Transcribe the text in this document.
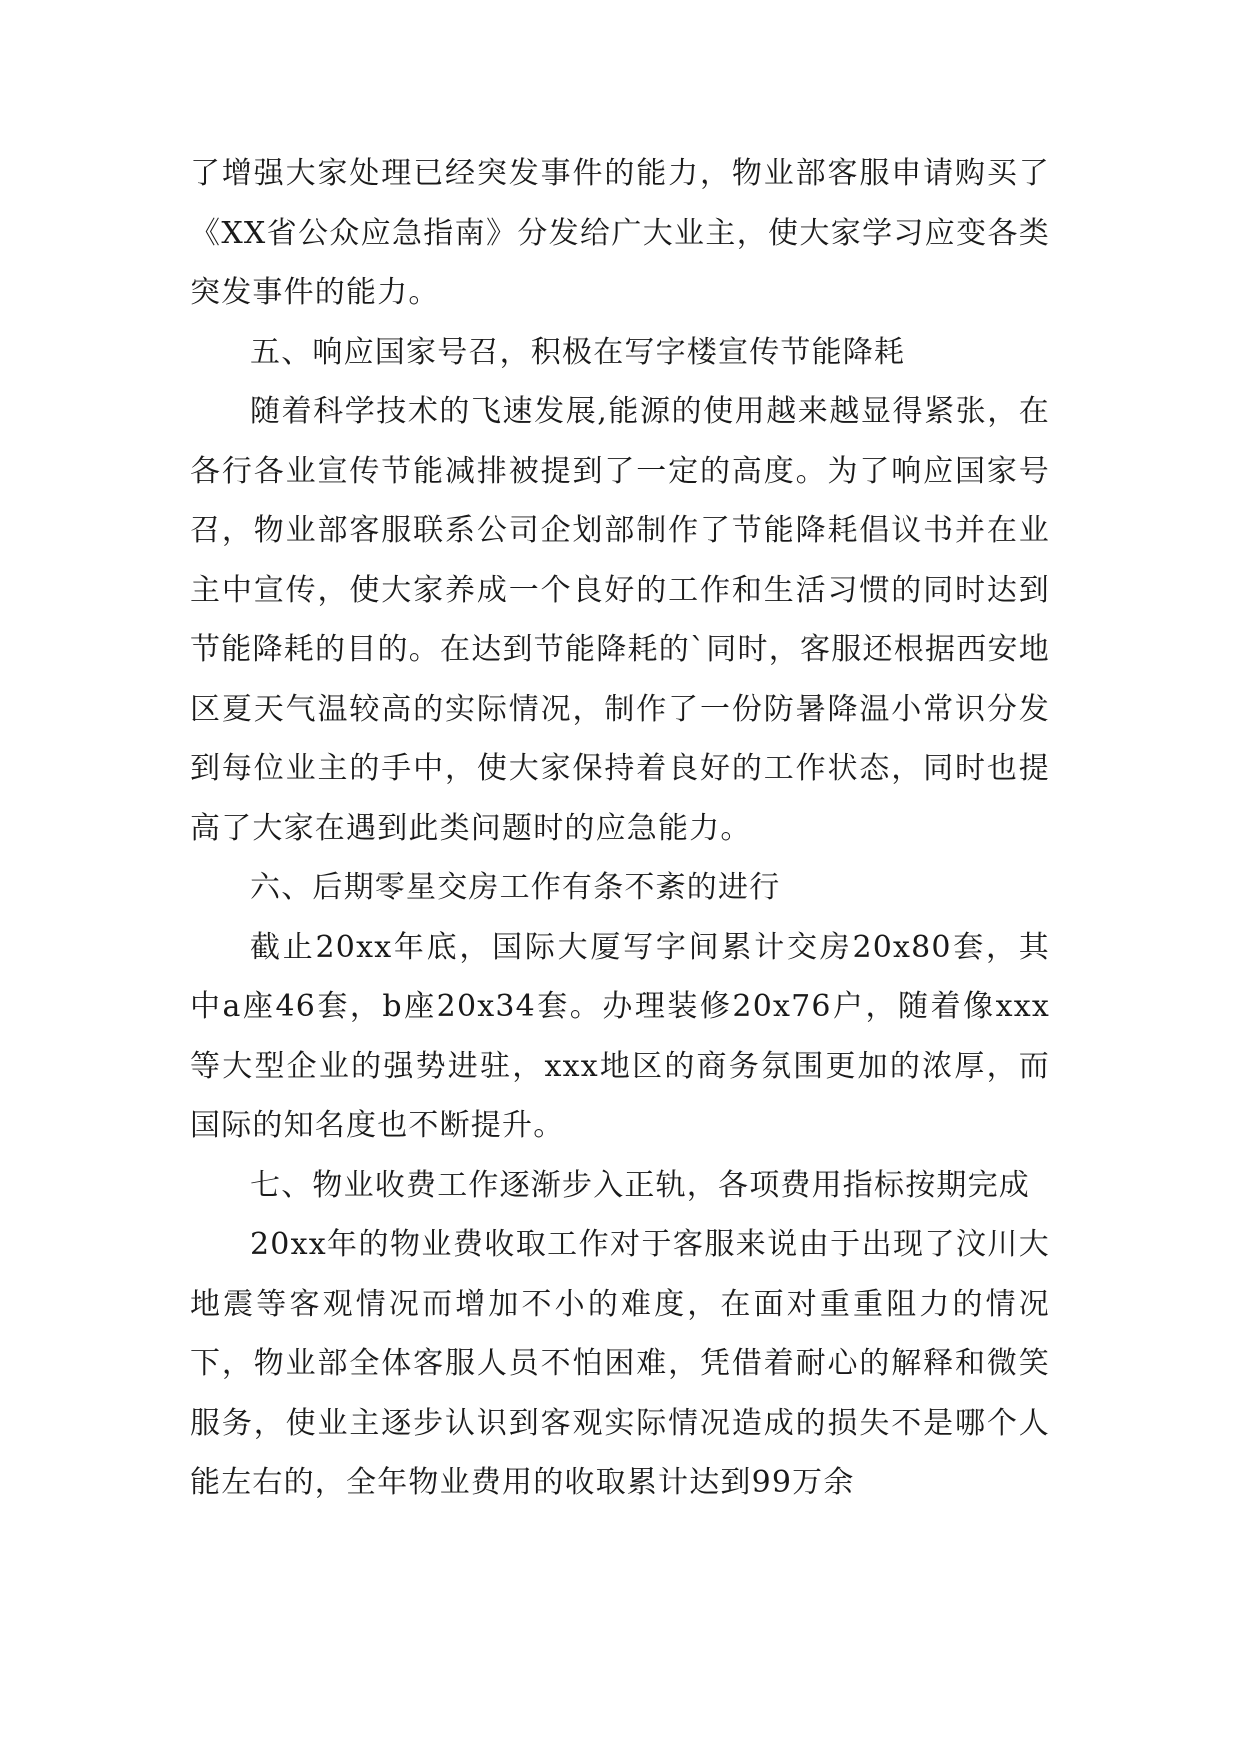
了增强大家处理已经突发事件的能力，物业部客服申请购买了《XX省公众应急指南》分发给广大业主，使大家学习应变各类突发事件的能力。

五、响应国家号召，积极在写字楼宣传节能降耗

随着科学技术的飞速发展,能源的使用越来越显得紧张，在各行各业宣传节能减排被提到了一定的高度。为了响应国家号召，物业部客服联系公司企划部制作了节能降耗倡议书并在业主中宣传，使大家养成一个良好的工作和生活习惯的同时达到节能降耗的目的。在达到节能降耗的`同时，客服还根据西安地区夏天气温较高的实际情况，制作了一份防暑降温小常识分发到每位业主的手中，使大家保持着良好的工作状态，同时也提高了大家在遇到此类问题时的应急能力。

六、后期零星交房工作有条不紊的进行

截止20xx年底，国际大厦写字间累计交房20x80套，其中a座46套，b座20x34套。办理装修20x76户，随着像xxx等大型企业的强势进驻，xxx地区的商务氛围更加的浓厚，而国际的知名度也不断提升。

七、物业收费工作逐渐步入正轨，各项费用指标按期完成

20xx年的物业费收取工作对于客服来说由于出现了汶川大地震等客观情况而增加不小的难度，在面对重重阻力的情况下，物业部全体客服人员不怕困难，凭借着耐心的解释和微笑服务，使业主逐步认识到客观实际情况造成的损失不是哪个人能左右的，全年物业费用的收取累计达到99万余
